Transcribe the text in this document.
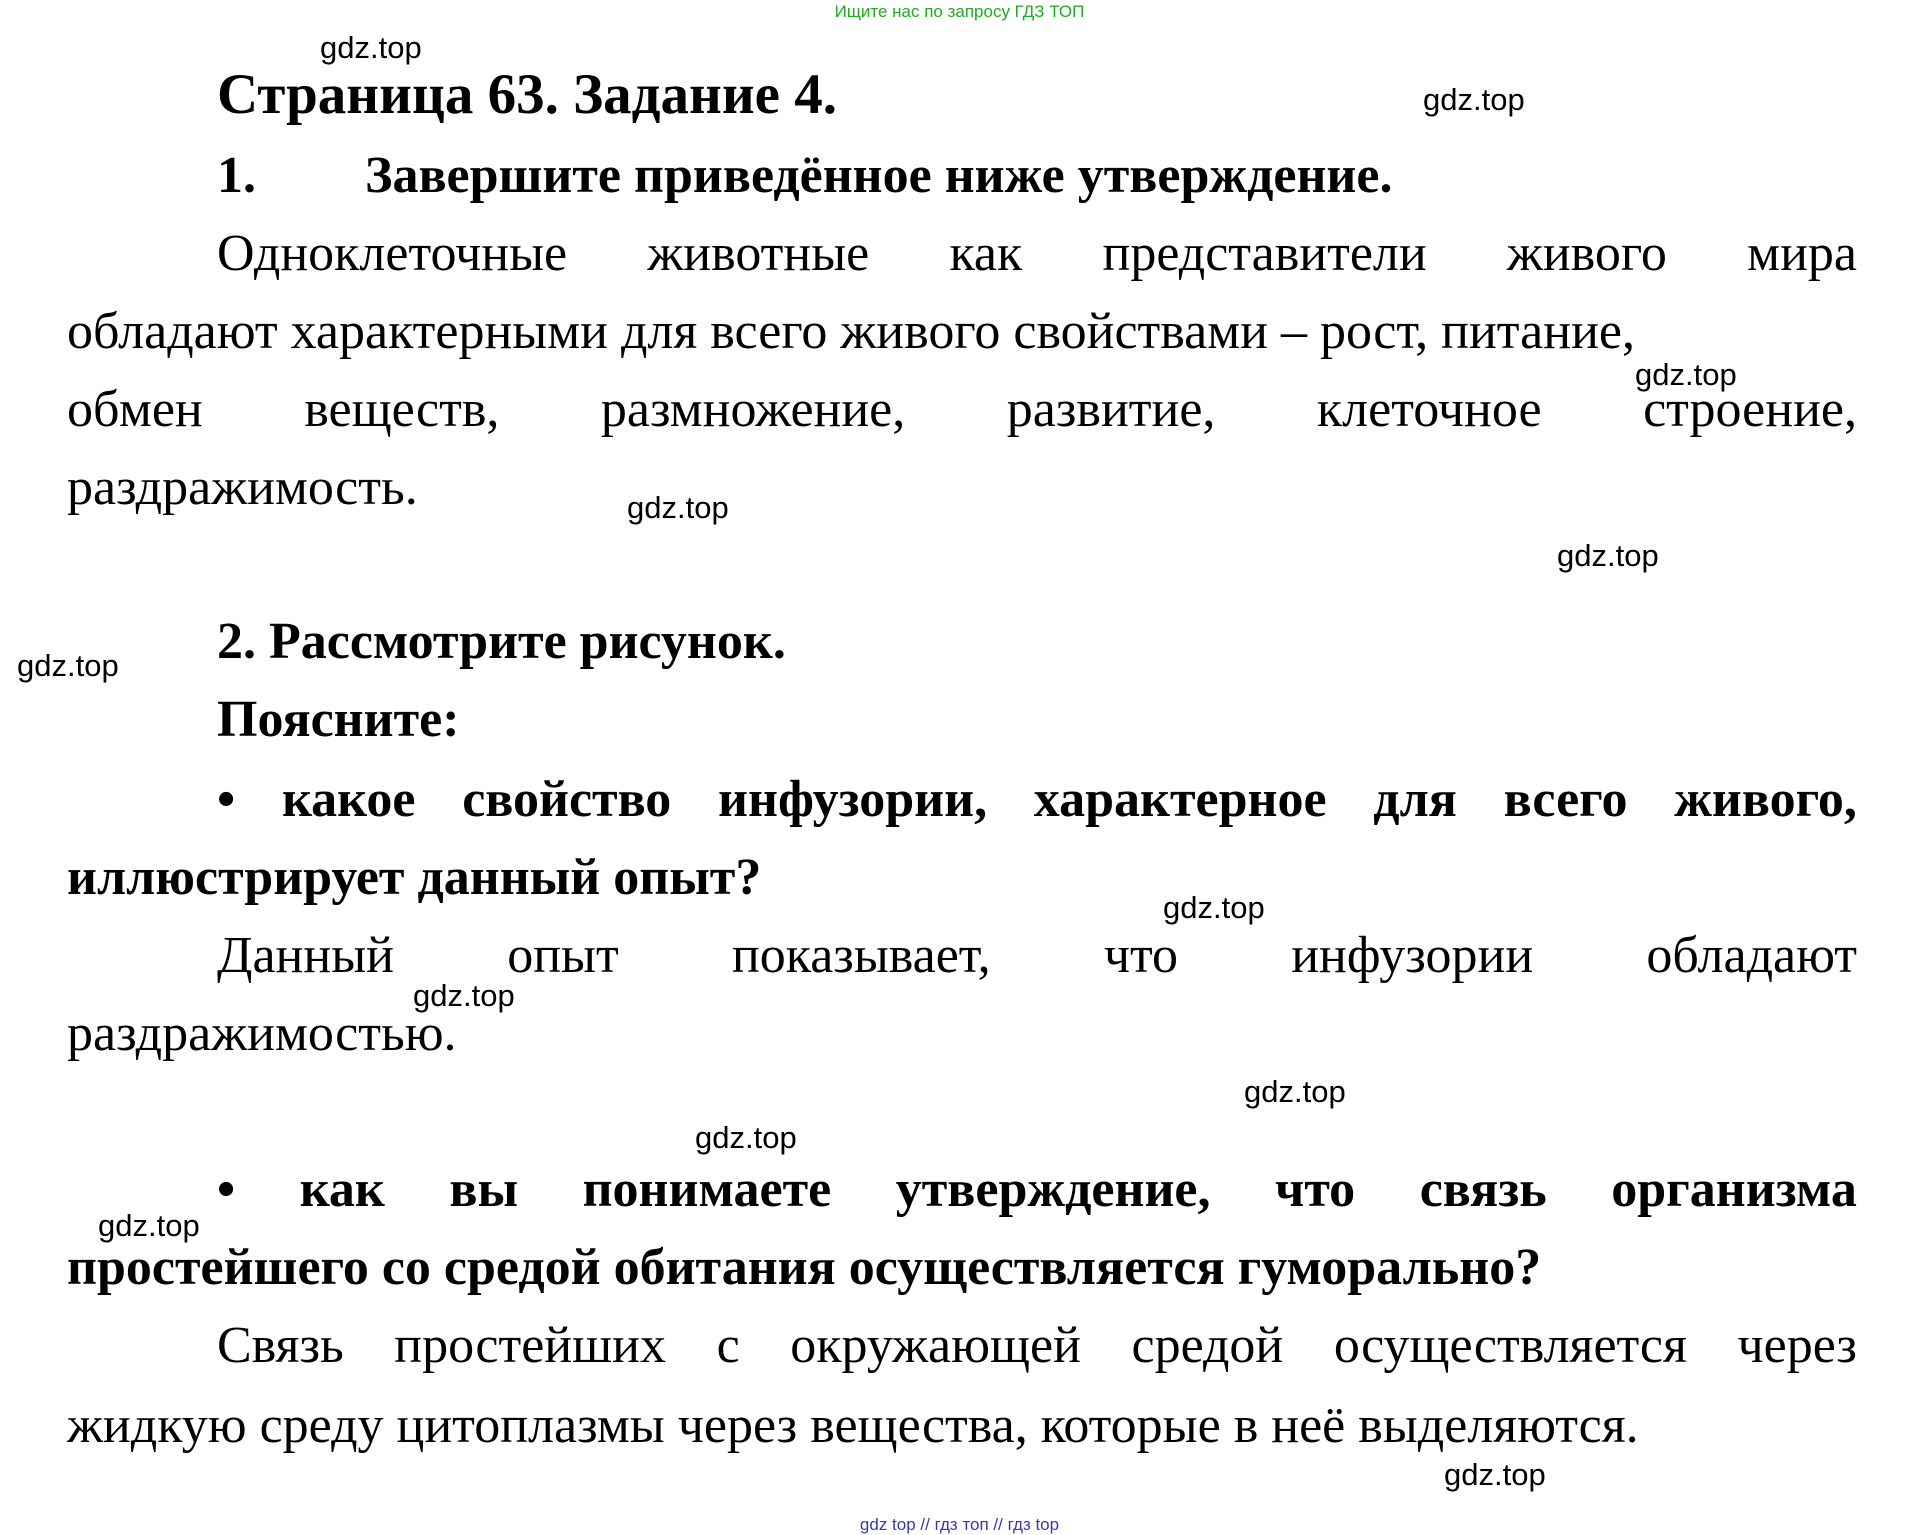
Ищите нас по запросу ГДЗ ТОП
Страница 63. Задание 4.
1. Завершите приведённое ниже утверждение.
Одноклеточные животные как представители живого мира
обладают характерными для всего живого свойствами – рост, питание,
обмен веществ, размножение, развитие, клеточное строение,
раздражимость.
2. Рассмотрите рисунок.
Поясните:
• какое свойство инфузории, характерное для всего живого,
иллюстрирует данный опыт?
Данный опыт показывает, что инфузории обладают
раздражимостью.
• как вы понимаете утверждение, что связь организма
простейшего со средой обитания осуществляется гуморально?
Связь простейших с окружающей средой осуществляется через
жидкую среду цитоплазмы через вещества, которые в неё выделяются.
gdz.top
gdz.top
gdz.top
gdz.top
gdz.top
gdz.top
gdz.top
gdz.top
gdz.top
gdz.top
gdz.top
gdz.top
gdz top // гдз топ // гдз top
